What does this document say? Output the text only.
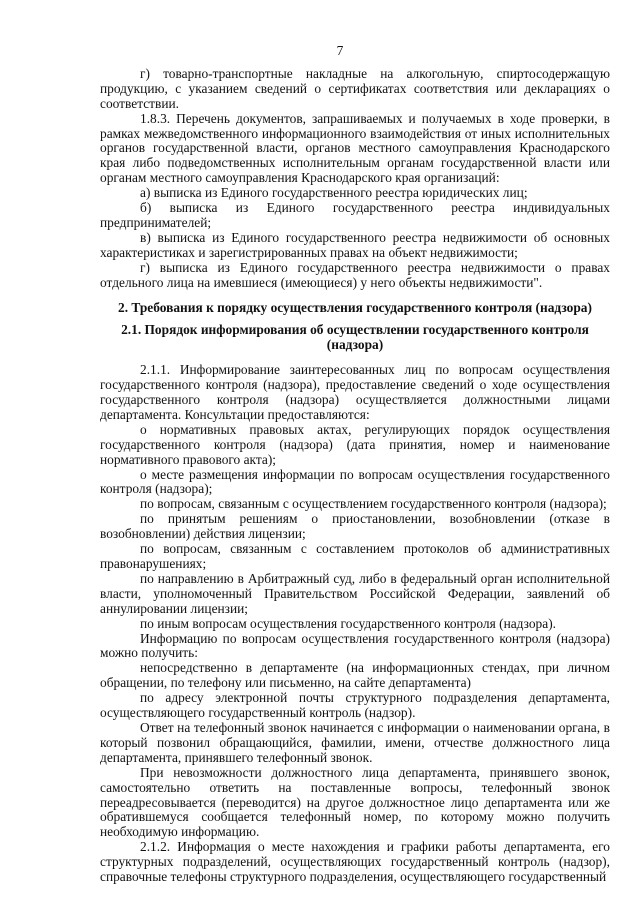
7

г) товарно-транспортные накладные на алкогольную, спиртосодержащую продукцию, с указанием сведений о сертификатах соответствия или декларациях о соответствии.

1.8.3. Перечень документов, запрашиваемых и получаемых в ходе проверки, в рамках межведомственного информационного взаимодействия от иных исполнительных органов государственной власти, органов местного самоуправления Краснодарского края либо подведомственных исполнительным органам государственной власти или органам местного самоуправления Краснодарского края организаций:

а) выписка из Единого государственного реестра юридических лиц;

б) выписка из Единого государственного реестра индивидуальных предпринимателей;

в) выписка из Единого государственного реестра недвижимости об основных характеристиках и зарегистрированных правах на объект недвижимости;

г) выписка из Единого государственного реестра недвижимости о правах отдельного лица на имевшиеся (имеющиеся) у него объекты недвижимости".

2. Требования к порядку осуществления государственного контроля (надзора)

2.1. Порядок информирования об осуществлении государственного контроля (надзора)

2.1.1. Информирование заинтересованных лиц по вопросам осуществления государственного контроля (надзора), предоставление сведений о ходе осуществления государственного контроля (надзора) осуществляется должностными лицами департамента. Консультации предоставляются:

о нормативных правовых актах, регулирующих порядок осуществления государственного контроля (надзора) (дата принятия, номер и наименование нормативного правового акта);

о месте размещения информации по вопросам осуществления государственного контроля (надзора);

по вопросам, связанным с осуществлением государственного контроля (надзора);

по принятым решениям о приостановлении, возобновлении (отказе в возобновлении) действия лицензии;

по вопросам, связанным с составлением протоколов об административных правонарушениях;

по направлению в Арбитражный суд, либо в федеральный орган исполнительной власти, уполномоченный Правительством Российской Федерации, заявлений об аннулировании лицензии;

по иным вопросам осуществления государственного контроля (надзора).

Информацию по вопросам осуществления государственного контроля (надзора) можно получить:

непосредственно в департаменте (на информационных стендах, при личном обращении, по телефону или письменно, на сайте департамента)

по адресу электронной почты структурного подразделения департамента, осуществляющего государственный контроль (надзор).

Ответ на телефонный звонок начинается с информации о наименовании органа, в который позвонил обращающийся, фамилии, имени, отчестве должностного лица департамента, принявшего телефонный звонок.

При невозможности должностного лица департамента, принявшего звонок, самостоятельно ответить на поставленные вопросы, телефонный звонок переадресовывается (переводится) на другое должностное лицо департамента или же обратившемуся сообщается телефонный номер, по которому можно получить необходимую информацию.

2.1.2. Информация о месте нахождения и графики работы департамента, его структурных подразделений, осуществляющих государственный контроль (надзор), справочные телефоны структурного подразделения, осуществляющего государственный
